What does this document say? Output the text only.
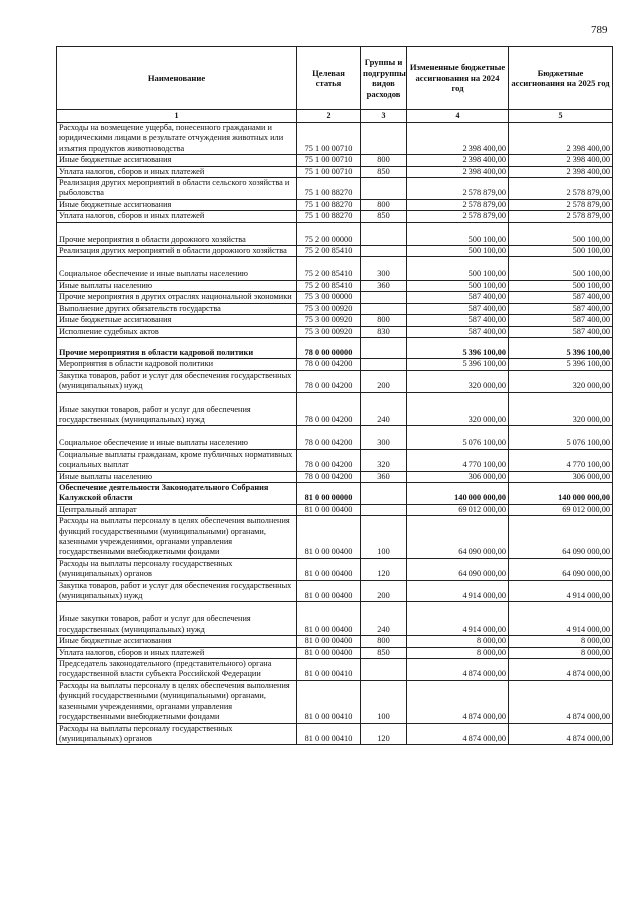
789
Наименование	Целевая статья	Группы и подгруппы видов расходов	Измененные бюджетные ассигнования на 2024 год	Бюджетные ассигнования на 2025 год
1	2	3	4	5
Расходы на возмещение ущерба, понесенного гражданами и юридическими лицами в результате отчуждения животных или изъятия продуктов животноводства	75 1 00 00710		2 398 400,00	2 398 400,00
Иные бюджетные ассигнования	75 1 00 00710	800	2 398 400,00	2 398 400,00
Уплата налогов, сборов и иных платежей	75 1 00 00710	850	2 398 400,00	2 398 400,00
Реализация других мероприятий в области сельского хозяйства и рыболовства	75 1 00 88270		2 578 879,00	2 578 879,00
Иные бюджетные ассигнования	75 1 00 88270	800	2 578 879,00	2 578 879,00
Уплата налогов, сборов и иных платежей	75 1 00 88270	850	2 578 879,00	2 578 879,00
Прочие мероприятия в области дорожного хозяйства	75 2 00 00000		500 100,00	500 100,00
Реализация других мероприятий в области дорожного хозяйства	75 2 00 85410		500 100,00	500 100,00
Социальное обеспечение и иные выплаты населению	75 2 00 85410	300	500 100,00	500 100,00
Иные выплаты населению	75 2 00 85410	360	500 100,00	500 100,00
Прочие мероприятия в других отраслях национальной экономики	75 3 00 00000		587 400,00	587 400,00
Выполнение других обязательств государства	75 3 00 00920		587 400,00	587 400,00
Иные бюджетные ассигнования	75 3 00 00920	800	587 400,00	587 400,00
Исполнение судебных актов	75 3 00 00920	830	587 400,00	587 400,00
Прочие мероприятия в области кадровой политики	78 0 00 00000		5 396 100,00	5 396 100,00
Мероприятия в области кадровой политики	78 0 00 04200		5 396 100,00	5 396 100,00
Закупка товаров, работ и услуг для обеспечения государственных (муниципальных) нужд	78 0 00 04200	200	320 000,00	320 000,00
Иные закупки товаров, работ и услуг для обеспечения государственных (муниципальных) нужд	78 0 00 04200	240	320 000,00	320 000,00
Социальное обеспечение и иные выплаты населению	78 0 00 04200	300	5 076 100,00	5 076 100,00
Социальные выплаты гражданам, кроме публичных нормативных социальных выплат	78 0 00 04200	320	4 770 100,00	4 770 100,00
Иные выплаты населению	78 0 00 04200	360	306 000,00	306 000,00
Обеспечение деятельности Законодательного Собрания Калужской области	81 0 00 00000		140 000 000,00	140 000 000,00
Центральный аппарат	81 0 00 00400		69 012 000,00	69 012 000,00
Расходы на выплаты персоналу в целях обеспечения выполнения функций государственными (муниципальными) органами, казенными учреждениями, органами управления государственными внебюджетными фондами	81 0 00 00400	100	64 090 000,00	64 090 000,00
Расходы на выплаты персоналу государственных (муниципальных) органов	81 0 00 00400	120	64 090 000,00	64 090 000,00
Закупка товаров, работ и услуг для обеспечения государственных (муниципальных) нужд	81 0 00 00400	200	4 914 000,00	4 914 000,00
Иные закупки товаров, работ и услуг для обеспечения государственных (муниципальных) нужд	81 0 00 00400	240	4 914 000,00	4 914 000,00
Иные бюджетные ассигнования	81 0 00 00400	800	8 000,00	8 000,00
Уплата налогов, сборов и иных платежей	81 0 00 00400	850	8 000,00	8 000,00
Председатель законодательного (представительного) органа государственной власти субъекта Российской Федерации	81 0 00 00410		4 874 000,00	4 874 000,00
Расходы на выплаты персоналу в целях обеспечения выполнения функций государственными (муниципальными) органами, казенными учреждениями, органами управления государственными внебюджетными фондами	81 0 00 00410	100	4 874 000,00	4 874 000,00
Расходы на выплаты персоналу государственных (муниципальных) органов	81 0 00 00410	120	4 874 000,00	4 874 000,00
